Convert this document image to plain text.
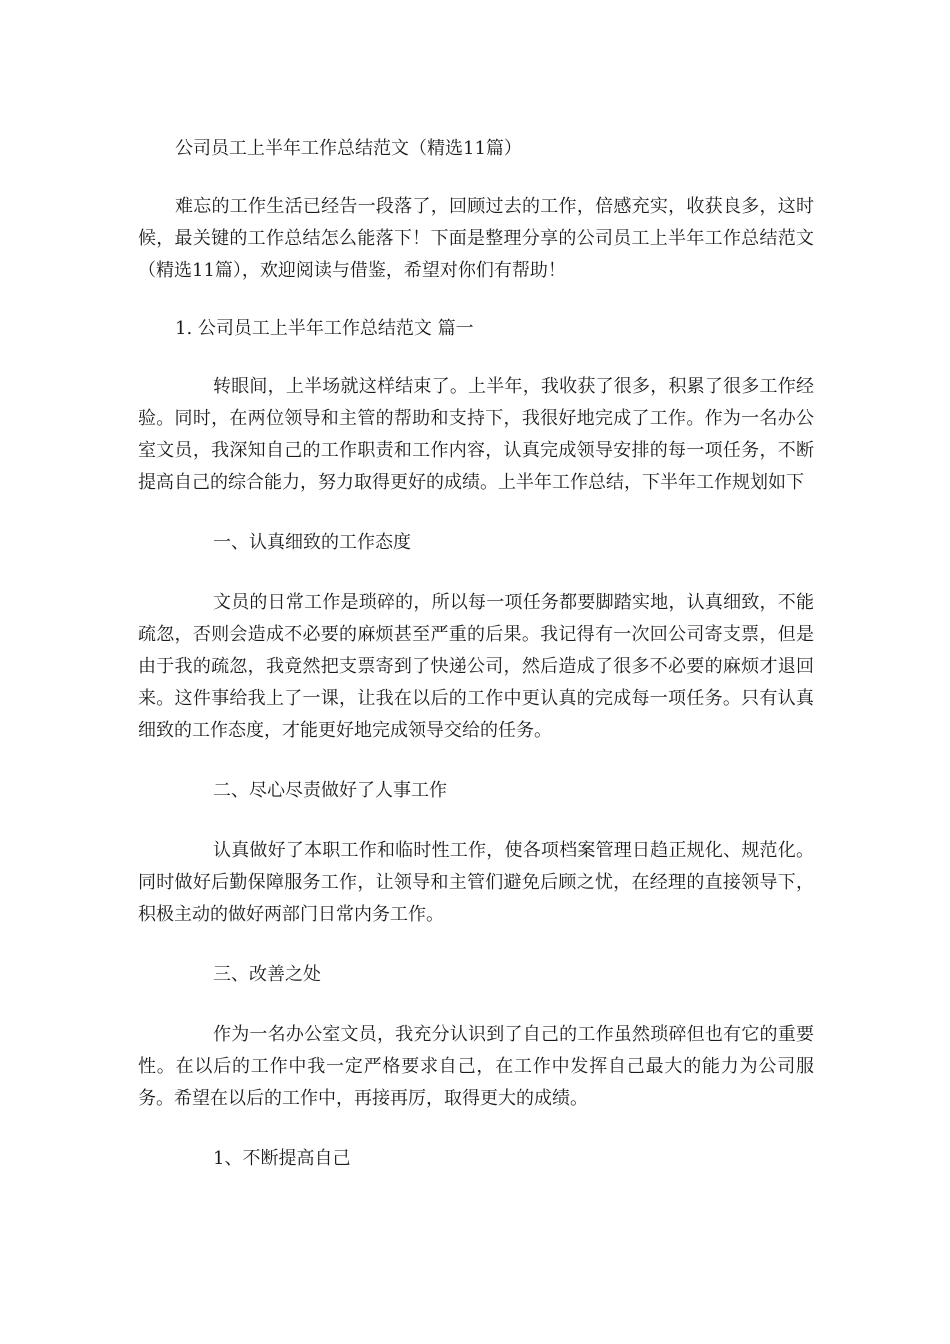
公司员工上半年工作总结范文（精选11篇）

难忘的工作生活已经告一段落了，回顾过去的工作，倍感充实，收获良多，这时候，最关键的工作总结怎么能落下！下面是整理分享的公司员工上半年工作总结范文（精选11篇），欢迎阅读与借鉴，希望对你们有帮助！

1. 公司员工上半年工作总结范文 篇一

转眼间，上半场就这样结束了。上半年，我收获了很多，积累了很多工作经验。同时，在两位领导和主管的帮助和支持下，我很好地完成了工作。作为一名办公室文员，我深知自己的工作职责和工作内容，认真完成领导安排的每一项任务，不断提高自己的综合能力，努力取得更好的成绩。上半年工作总结，下半年工作规划如下

一、认真细致的工作态度

文员的日常工作是琐碎的，所以每一项任务都要脚踏实地，认真细致，不能疏忽，否则会造成不必要的麻烦甚至严重的后果。我记得有一次回公司寄支票，但是由于我的疏忽，我竟然把支票寄到了快递公司，然后造成了很多不必要的麻烦才退回来。这件事给我上了一课，让我在以后的工作中更认真的完成每一项任务。只有认真细致的工作态度，才能更好地完成领导交给的任务。

二、尽心尽责做好了人事工作

认真做好了本职工作和临时性工作，使各项档案管理日趋正规化、规范化。同时做好后勤保障服务工作，让领导和主管们避免后顾之忧，在经理的直接领导下，积极主动的做好两部门日常内务工作。

三、改善之处

作为一名办公室文员，我充分认识到了自己的工作虽然琐碎但也有它的重要性。在以后的工作中我一定严格要求自己，在工作中发挥自己最大的能力为公司服务。希望在以后的工作中，再接再厉，取得更大的成绩。

1、不断提高自己
